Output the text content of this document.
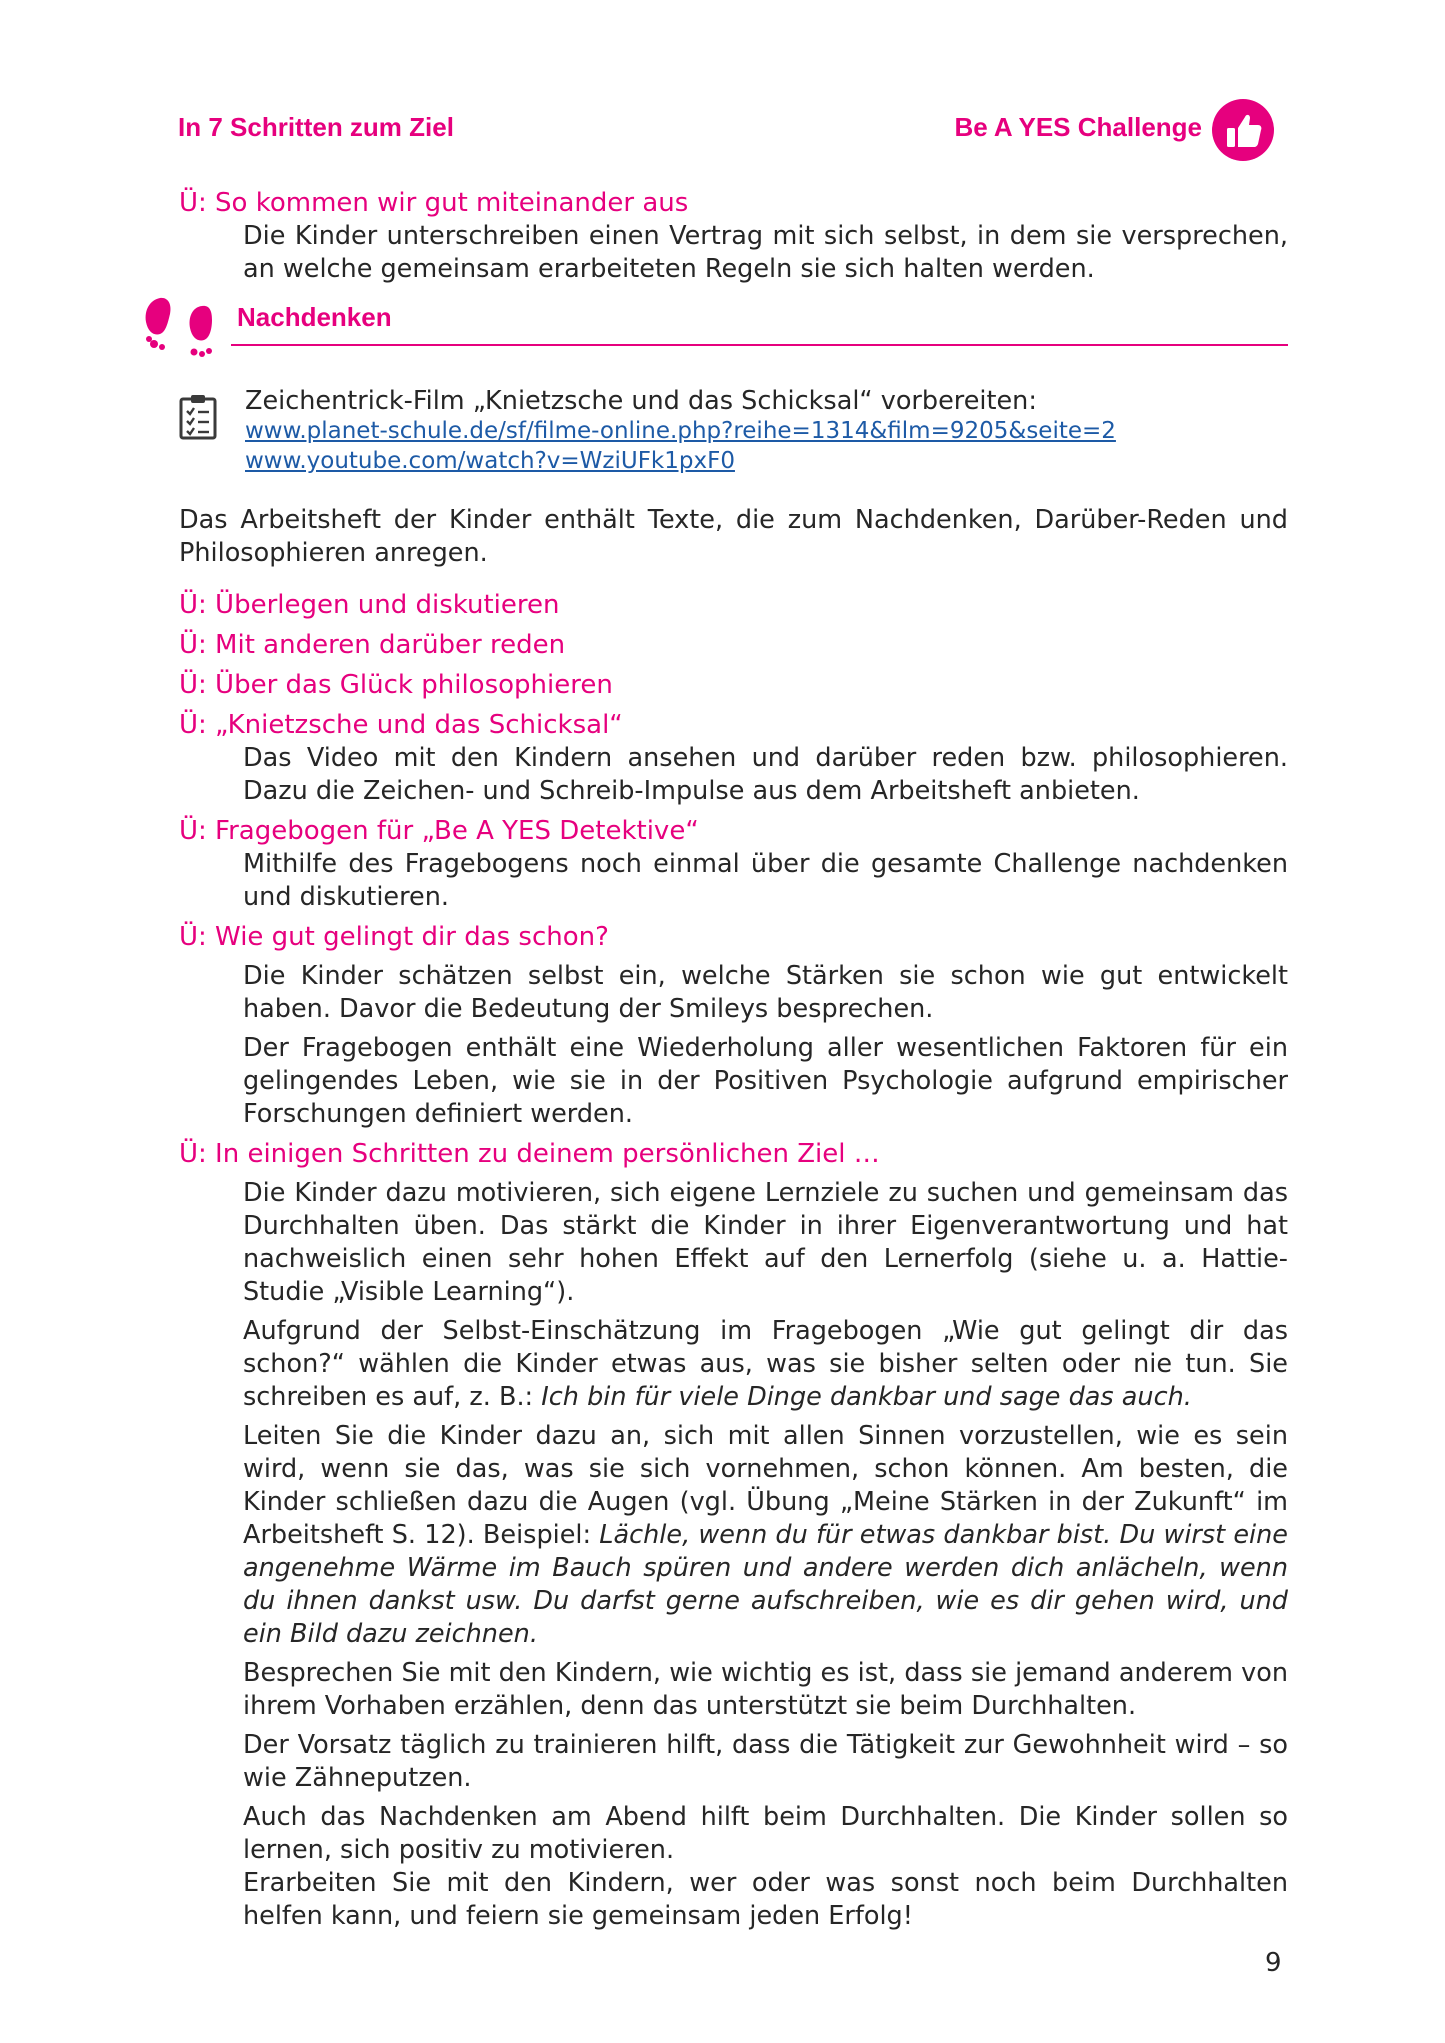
In 7 Schritten zum Ziel	Be A YES Challenge

Ü: So kommen wir gut miteinander aus

Die Kinder unterschreiben einen Vertrag mit sich selbst, in dem sie versprechen, an welche gemeinsam erarbeiteten Regeln sie sich halten werden.

7 Nachdenken

Zeichentrick-Film „Knietzsche und das Schicksal“ vorbereiten:

www.planet-schule.de/sf/filme-online.php?reihe=1314&film=9205&seite=2
www.youtube.com/watch?v=WziUFk1pxF0

Das Arbeitsheft der Kinder enthält Texte, die zum Nachdenken, Darüber-Reden und Philosophieren anregen.

Ü: Überlegen und diskutieren

Ü: Mit anderen darüber reden

Ü: Über das Glück philosophieren

Ü: „Knietzsche und das Schicksal“

Das Video mit den Kindern ansehen und darüber reden bzw. philosophieren. Dazu die Zeichen- und Schreib-Impulse aus dem Arbeitsheft anbieten.

Ü: Fragebogen für „Be A YES Detektive“

Mithilfe des Fragebogens noch einmal über die gesamte Challenge nachdenken und diskutieren.

Ü: Wie gut gelingt dir das schon?

Die Kinder schätzen selbst ein, welche Stärken sie schon wie gut entwickelt haben. Davor die Bedeutung der Smileys besprechen.

Der Fragebogen enthält eine Wiederholung aller wesentlichen Faktoren für ein gelingendes Leben, wie sie in der Positiven Psychologie aufgrund empirischer Forschungen definiert werden.

Ü: In einigen Schritten zu deinem persönlichen Ziel …

Die Kinder dazu motivieren, sich eigene Lernziele zu suchen und gemeinsam das Durchhalten üben. Das stärkt die Kinder in ihrer Eigenverantwortung und hat nachweislich einen sehr hohen Effekt auf den Lernerfolg (siehe u. a. Hattie-Studie „Visible Learning“).

Aufgrund der Selbst-Einschätzung im Fragebogen „Wie gut gelingt dir das schon?“ wählen die Kinder etwas aus, was sie bisher selten oder nie tun. Sie schreiben es auf, z. B.: Ich bin für viele Dinge dankbar und sage das auch.

Leiten Sie die Kinder dazu an, sich mit allen Sinnen vorzustellen, wie es sein wird, wenn sie das, was sie sich vornehmen, schon können. Am besten, die Kinder schließen dazu die Augen (vgl. Übung „Meine Stärken in der Zukunft“ im Arbeitsheft S. 12). Beispiel: Lächle, wenn du für etwas dankbar bist. Du wirst eine angenehme Wärme im Bauch spüren und andere werden dich anlächeln, wenn du ihnen dankst usw. Du darfst gerne aufschreiben, wie es dir gehen wird, und ein Bild dazu zeichnen.

Besprechen Sie mit den Kindern, wie wichtig es ist, dass sie jemand anderem von ihrem Vorhaben erzählen, denn das unterstützt sie beim Durchhalten.

Der Vorsatz täglich zu trainieren hilft, dass die Tätigkeit zur Gewohnheit wird – so wie Zähneputzen.

Auch das Nachdenken am Abend hilft beim Durchhalten. Die Kinder sollen so lernen, sich positiv zu motivieren.

Erarbeiten Sie mit den Kindern, wer oder was sonst noch beim Durchhalten helfen kann, und feiern sie gemeinsam jeden Erfolg!

9
